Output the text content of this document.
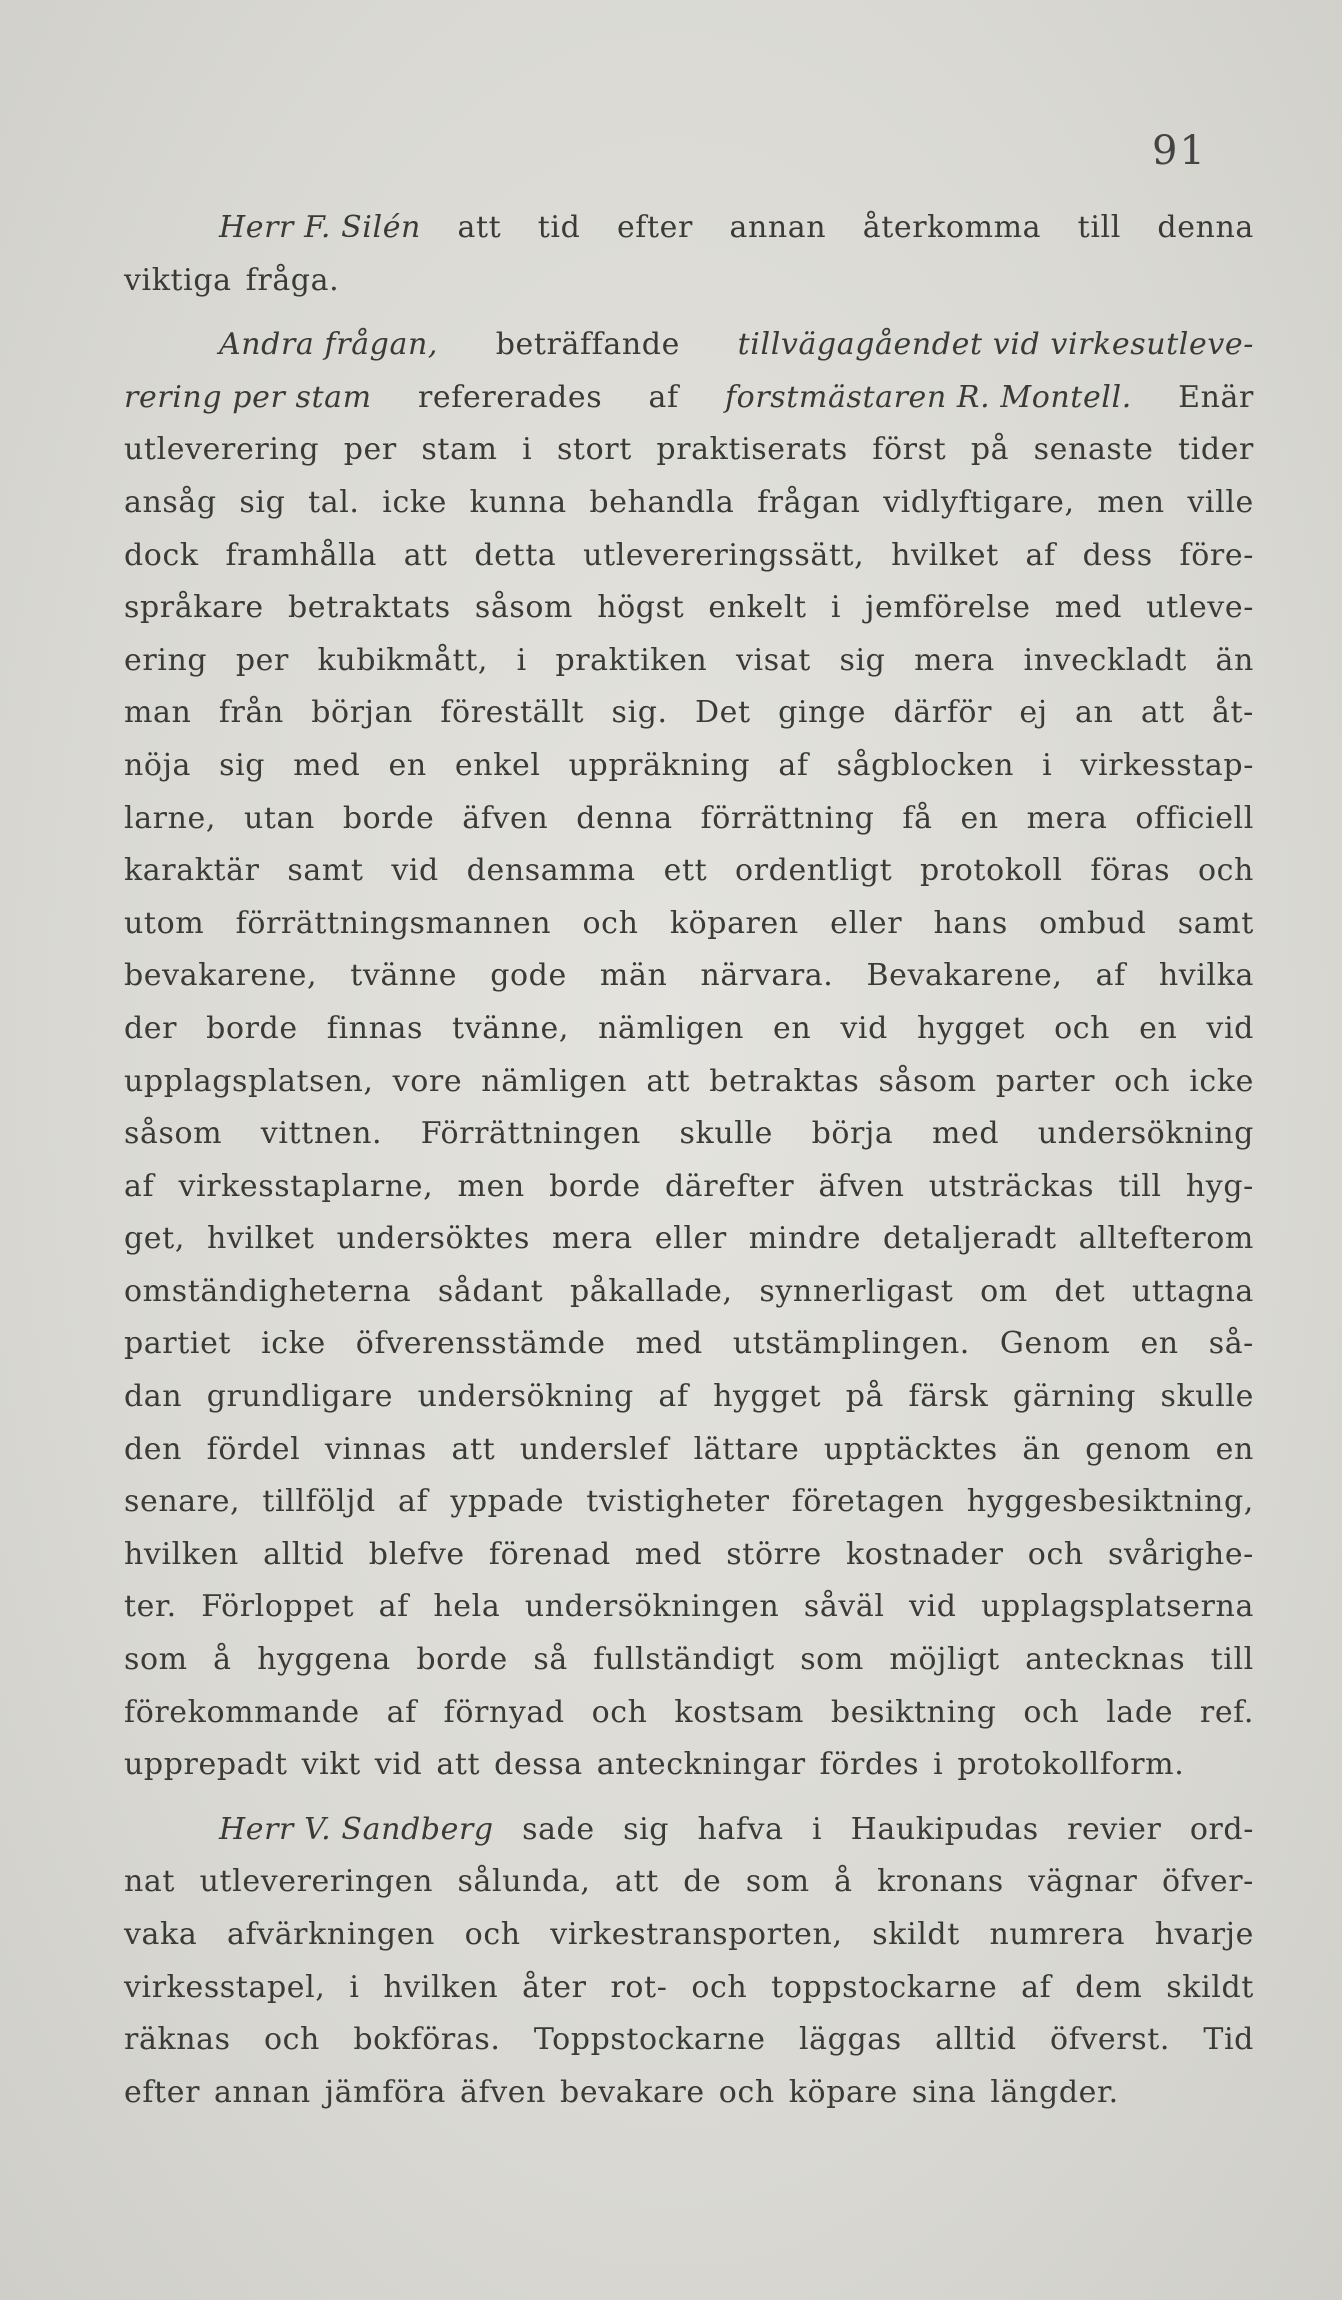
91
Herr F. Silén att tid efter annan återkomma till denna
viktiga fråga.
Andra frågan, beträffande tillvägagåendet vid virkesutleve-
rering per stam refererades af forstmästaren R. Montell. Enär
utleverering per stam i stort praktiserats först på senaste tider
ansåg sig tal. icke kunna behandla frågan vidlyftigare, men ville
dock framhålla att detta utlevereringssätt, hvilket af dess före-
språkare betraktats såsom högst enkelt i jemförelse med utleve-
ering per kubikmått, i praktiken visat sig mera inveckladt än
man från början föreställt sig. Det ginge därför ej an att åt-
nöja sig med en enkel uppräkning af sågblocken i virkesstap-
larne, utan borde äfven denna förrättning få en mera officiell
karaktär samt vid densamma ett ordentligt protokoll föras och
utom förrättningsmannen och köparen eller hans ombud samt
bevakarene, tvänne gode män närvara. Bevakarene, af hvilka
der borde finnas tvänne, nämligen en vid hygget och en vid
upplagsplatsen, vore nämligen att betraktas såsom parter och icke
såsom vittnen. Förrättningen skulle börja med undersökning
af virkesstaplarne, men borde därefter äfven utsträckas till hyg-
get, hvilket undersöktes mera eller mindre detaljeradt alltefterom
omständigheterna sådant påkallade, synnerligast om det uttagna
partiet icke öfverensstämde med utstämplingen. Genom en så-
dan grundligare undersökning af hygget på färsk gärning skulle
den fördel vinnas att underslef lättare upptäcktes än genom en
senare, tillföljd af yppade tvistigheter företagen hyggesbesiktning,
hvilken alltid blefve förenad med större kostnader och svårighe-
ter. Förloppet af hela undersökningen såväl vid upplagsplatserna
som å hyggena borde så fullständigt som möjligt antecknas till
förekommande af förnyad och kostsam besiktning och lade ref.
upprepadt vikt vid att dessa anteckningar fördes i protokollform.
Herr V. Sandberg sade sig hafva i Haukipudas revier ord-
nat utlevereringen sålunda, att de som å kronans vägnar öfver-
vaka afvärkningen och virkestransporten, skildt numrera hvarje
virkesstapel, i hvilken åter rot- och toppstockarne af dem skildt
räknas och bokföras. Toppstockarne läggas alltid öfverst. Tid
efter annan jämföra äfven bevakare och köpare sina längder.
